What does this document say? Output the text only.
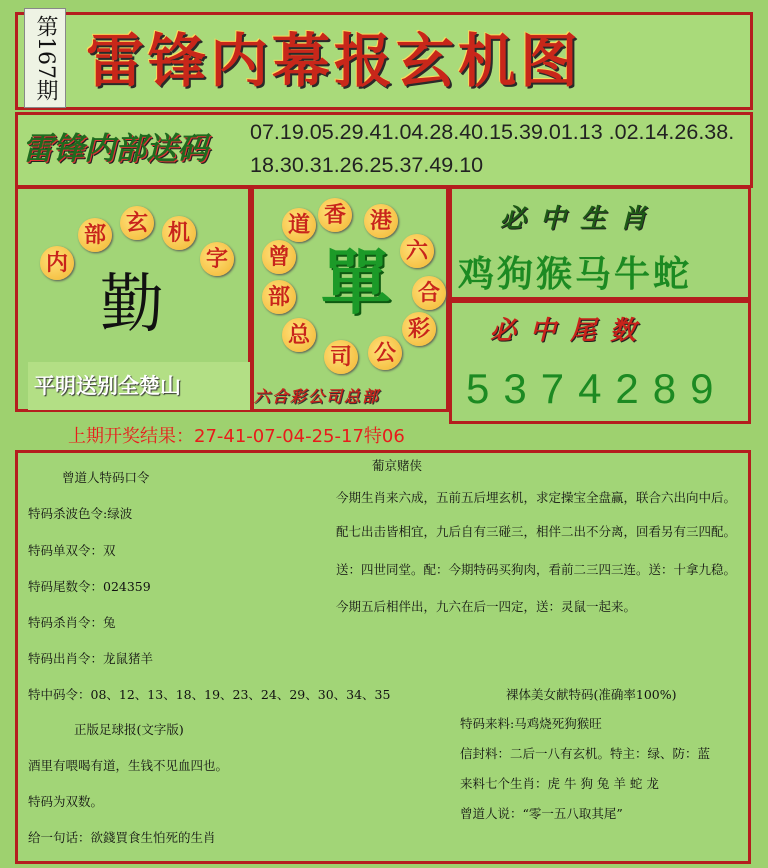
第167期 雷锋内幕报玄机图
雷锋内部送码	07.19.05.29.41.04.28.40.15.39.01.13 .02.14.26.38.18.30.31.26.25.37.49.10
内
部 玄 机
字
勤
平明送别全楚山
香 港
六
合
彩
公
司
总
部
曾
道
單
六合彩公司总部
必中生肖
鸡狗猴马牛蛇
必中尾数
5374289
上期开奖结果：27-41-07-04-25-17特06
曾道人特码口令
特码杀波色令:绿波
特码单双令：双
特码尾数令：024359
特码杀肖令：兔
特码出肖令：龙鼠猪羊
特中码令：08、12、13、18、19、23、24、29、30、34、35
正版足球报(文字版)
酒里有喂喝有道，生钱不见血四也。
特码为双数。
给一句话：欲錢買食生怕死的生肖
葡京赌侠
今期生肖来六成，五前五后埋玄机，求定操宝全盘赢，联合六出向中后。
配七出击皆相宜，九后自有三碰三，相伴二出不分离，回看另有三四配。
送：四世同堂。配：今期特码买狗肉，看前二三四三连。送：十拿九稳。
今期五后相伴出，九六在后一四定，送：灵鼠一起来。
裸体美女献特码(准确率100%)
特码来料:马鸡烧死狗猴旺
信封料：二后一八有玄机。特主：绿、防：蓝
来料七个生肖：虎 牛 狗 兔 羊 蛇 龙
曾道人说：“零一五八取其尾”
